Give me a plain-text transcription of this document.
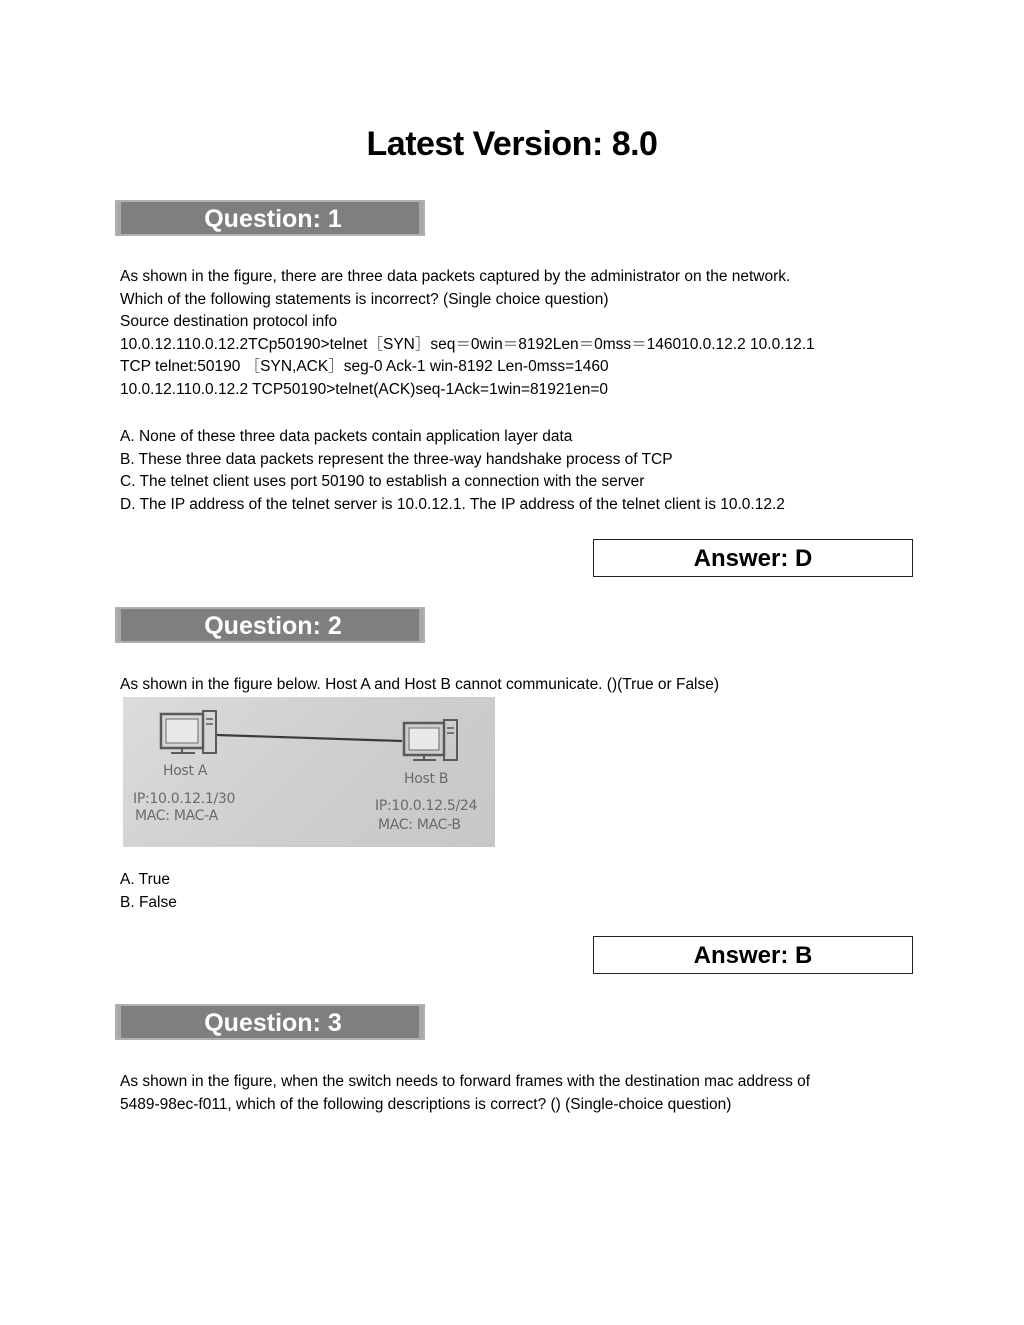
Latest Version: 8.0
Question: 1
As shown in the figure, there are three data packets captured by the administrator on the network.
Which of the following statements is incorrect? (Single choice question)
Source destination protocol info
10.0.12.110.0.12.2TCp50190>telnet［SYN］seq＝0win＝8192Len＝0mss＝146010.0.12.2 10.0.12.1
TCP telnet:50190 ［SYN,ACK］seg-0 Ack-1 win-8192 Len-0mss=1460
10.0.12.110.0.12.2 TCP50190>telnet(ACK)seq-1Ack=1win=81921en=0
A. None of these three data packets contain application layer data
B. These three data packets represent the three-way handshake process of TCP
C. The telnet client uses port 50190 to establish a connection with the server
D. The IP address of the telnet server is 10.0.12.1. The IP address of the telnet client is 10.0.12.2
Answer: D
Question: 2
As shown in the figure below. Host A and Host B cannot communicate. ()(True or False)
Host A
IP:10.0.12.1/30
MAC: MAC-A
Host B
IP:10.0.12.5/24
MAC: MAC-B
A. True
B. False
Answer: B
Question: 3
As shown in the figure, when the switch needs to forward frames with the destination mac address of
5489-98ec-f011, which of the following descriptions is correct? () (Single-choice question)
